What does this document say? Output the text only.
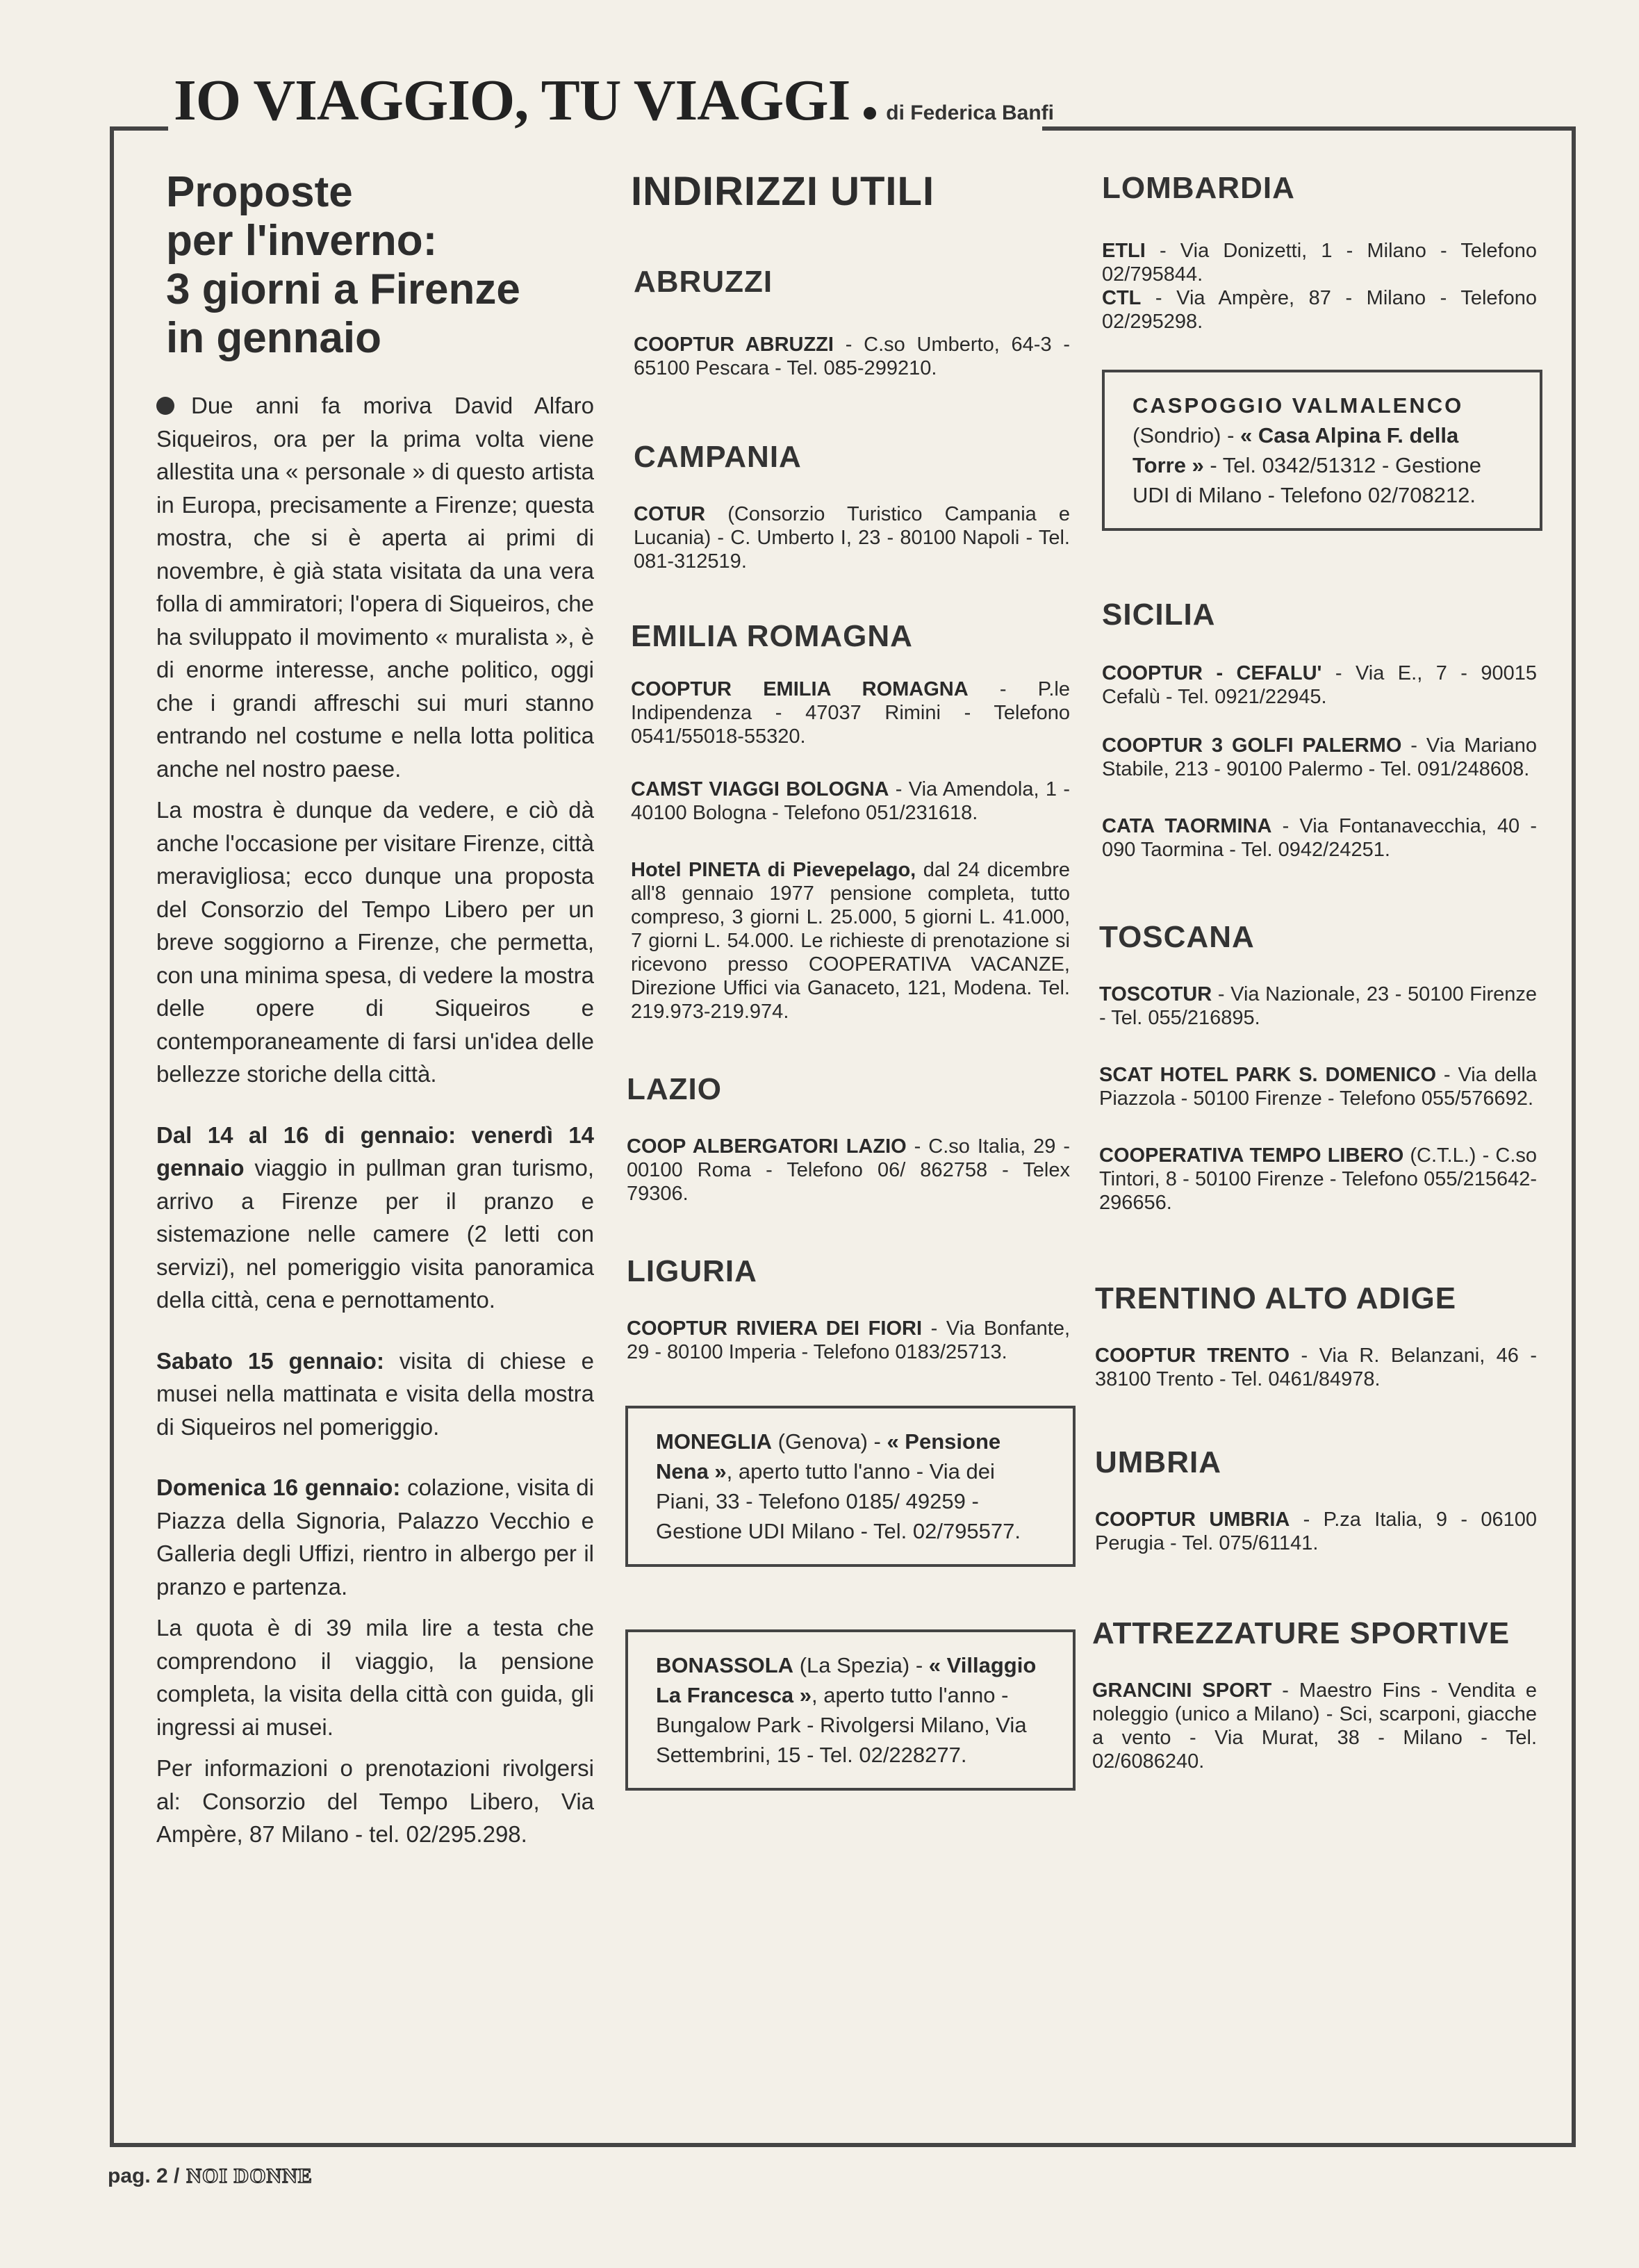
IO VIAGGIO, TU VIAGGI di Federica Banfi
Proposte
per l'inverno:
3 giorni a Firenze
in gennaio

Due anni fa moriva David Alfaro Siqueiros, ora per la prima volta viene allestita una « personale » di questo artista in Europa, precisamente a Firenze; questa mostra, che si è aperta ai primi di novembre, è già stata visitata da una vera folla di ammiratori; l'opera di Siqueiros, che ha sviluppato il movimento « muralista », è di enorme interesse, anche politico, oggi che i grandi affreschi sui muri stanno entrando nel costume e nella lotta politica anche nel nostro paese.

La mostra è dunque da vedere, e ciò dà anche l'occasione per visitare Firenze, città meravigliosa; ecco dunque una proposta del Consorzio del Tempo Libero per un breve soggiorno a Firenze, che permetta, con una minima spesa, di vedere la mostra delle opere di Siqueiros e contemporaneamente di farsi un'idea delle bellezze storiche della città.

Dal 14 al 16 di gennaio: venerdì 14 gennaio viaggio in pullman gran turismo, arrivo a Firenze per il pranzo e sistemazione nelle camere (2 letti con servizi), nel pomeriggio visita panoramica della città, cena e pernottamento.

Sabato 15 gennaio: visita di chiese e musei nella mattinata e visita della mostra di Siqueiros nel pomeriggio.

Domenica 16 gennaio: colazione, visita di Piazza della Signoria, Palazzo Vecchio e Galleria degli Uffizi, rientro in albergo per il pranzo e partenza.

La quota è di 39 mila lire a testa che comprendono il viaggio, la pensione completa, la visita della città con guida, gli ingressi ai musei.

Per informazioni o prenotazioni rivolgersi al: Consorzio del Tempo Libero, Via Ampère, 87 Milano - tel. 02/295.298.

INDIRIZZI UTILI
ABRUZZI
COOPTUR ABRUZZI - C.so Umberto, 64-3 - 65100 Pescara - Tel. 085-299210.
CAMPANIA
COTUR (Consorzio Turistico Campania e Lucania) - C. Umberto I, 23 - 80100 Napoli - Tel. 081-312519.
EMILIA ROMAGNA
COOPTUR EMILIA ROMAGNA - P.le Indipendenza - 47037 Rimini - Telefono 0541/55018-55320.
CAMST VIAGGI BOLOGNA - Via Amendola, 1 - 40100 Bologna - Telefono 051/231618.
Hotel PINETA di Pievepelago, dal 24 dicembre all'8 gennaio 1977 pensione completa, tutto compreso, 3 giorni L. 25.000, 5 giorni L. 41.000, 7 giorni L. 54.000. Le richieste di prenotazione si ricevono presso COOPERATIVA VACANZE, Direzione Uffici via Ganaceto, 121, Modena. Tel. 219.973-219.974.
LAZIO
COOP ALBERGATORI LAZIO - C.so Italia, 29 - 00100 Roma - Telefono 06/ 862758 - Telex 79306.
LIGURIA
COOPTUR RIVIERA DEI FIORI - Via Bonfante, 29 - 80100 Imperia - Telefono 0183/25713.
MONEGLIA (Genova) - « Pensione Nena », aperto tutto l'anno - Via dei Piani, 33 - Telefono 0185/ 49259 - Gestione UDI Milano - Tel. 02/795577.
BONASSOLA (La Spezia) - « Villaggio La Francesca », aperto tutto l'anno - Bungalow Park - Rivolgersi Milano, Via Settembrini, 15 - Tel. 02/228277.
LOMBARDIA
ETLI - Via Donizetti, 1 - Milano - Telefono 02/795844.
CTL - Via Ampère, 87 - Milano - Telefono 02/295298.
CASPOGGIO VALMALENCO (Sondrio) - « Casa Alpina F. della Torre » - Tel. 0342/51312 - Gestione UDI di Milano - Telefono 02/708212.
SICILIA
COOPTUR - CEFALU' - Via E., 7 - 90015 Cefalù - Tel. 0921/22945.
COOPTUR 3 GOLFI PALERMO - Via Mariano Stabile, 213 - 90100 Palermo - Tel. 091/248608.
CATA TAORMINA - Via Fontanavecchia, 40 - 090 Taormina - Tel. 0942/24251.
TOSCANA
TOSCOTUR - Via Nazionale, 23 - 50100 Firenze - Tel. 055/216895.
SCAT HOTEL PARK S. DOMENICO - Via della Piazzola - 50100 Firenze - Telefono 055/576692.
COOPERATIVA TEMPO LIBERO (C.T.L.) - C.so Tintori, 8 - 50100 Firenze - Telefono 055/215642-296656.
TRENTINO ALTO ADIGE
COOPTUR TRENTO - Via R. Belanzani, 46 - 38100 Trento - Tel. 0461/84978.
UMBRIA
COOPTUR UMBRIA - P.za Italia, 9 - 06100 Perugia - Tel. 075/61141.
ATTREZZATURE SPORTIVE
GRANCINI SPORT - Maestro Fins - Vendita e noleggio (unico a Milano) - Sci, scarponi, giacche a vento - Via Murat, 38 - Milano - Tel. 02/6086240.
pag. 2 / NOI DONNE
